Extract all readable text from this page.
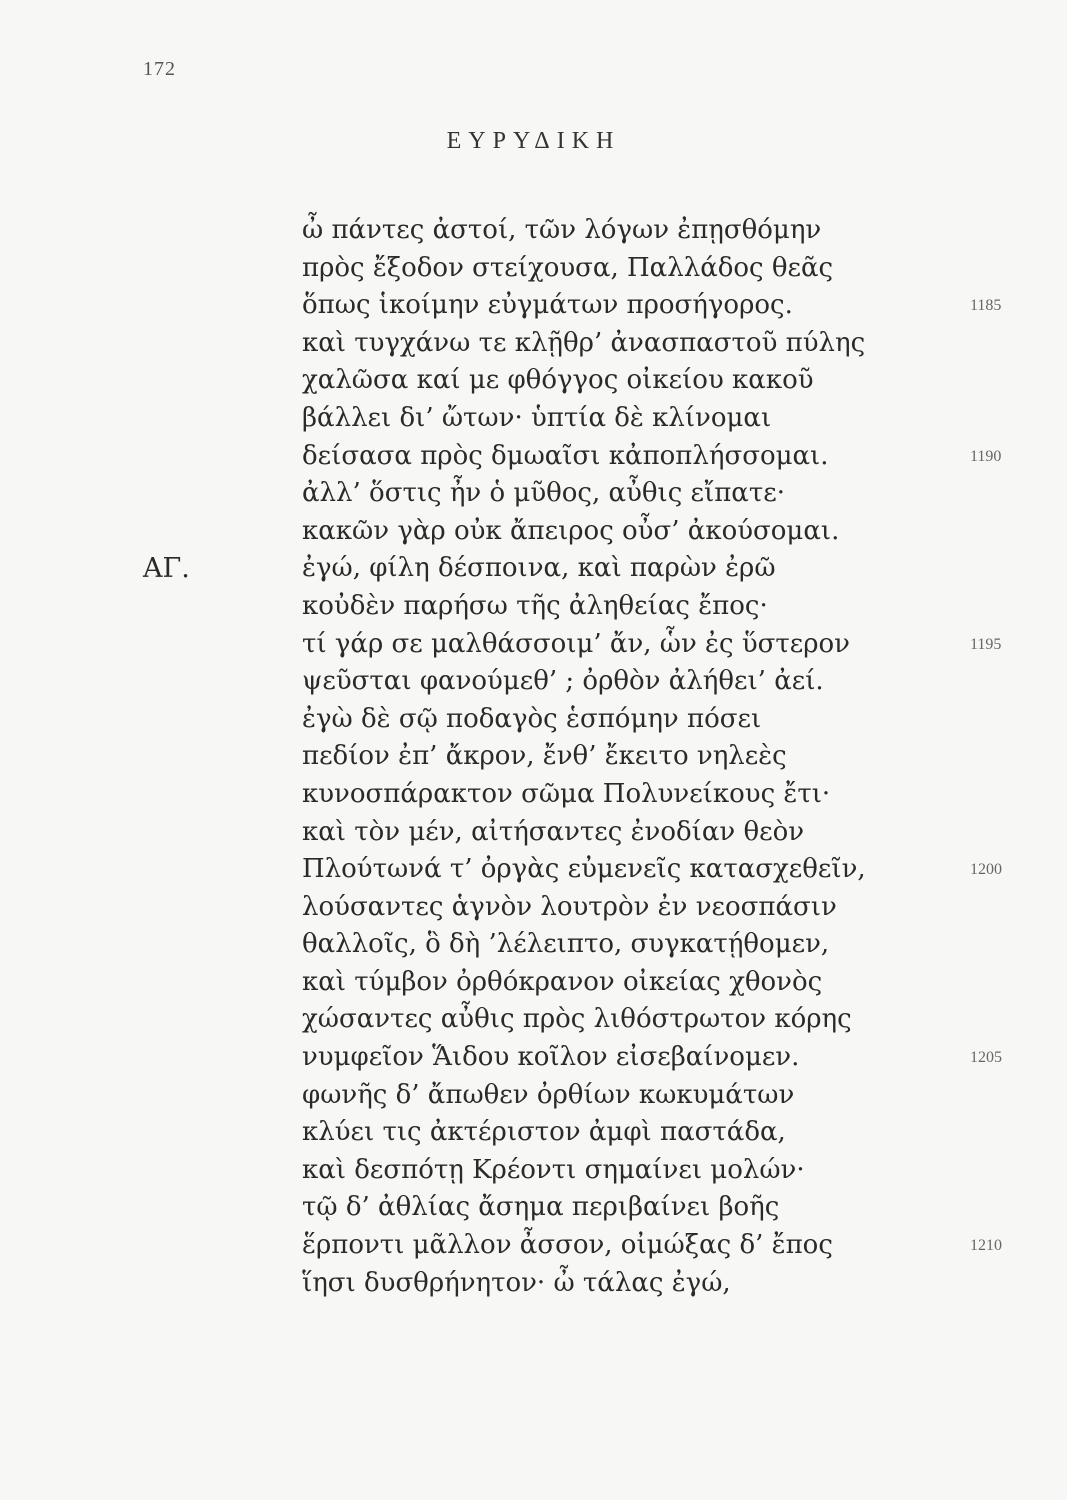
172
ΕΥΡΥΔΙΚΗ
ὦ πάντες ἀστοί, τῶν λόγων ἐπῃσθόμην
πρὸς ἔξοδον στείχουσα, Παλλάδος θεᾶς
ὅπως ἱκοίμην εὐγμάτων προσήγορος.	1185
καὶ τυγχάνω τε κλῇθρ’ ἀνασπαστοῦ πύλης
χαλῶσα καί με φθόγγος οἰκείου κακοῦ
βάλλει δι’ ὤτων· ὑπτία δὲ κλίνομαι
δείσασα πρὸς δμωαῖσι κἀποπλήσσομαι.	1190
ἀλλ’ ὅστις ἦν ὁ μῦθος, αὖθις εἴπατε·
κακῶν γὰρ οὐκ ἄπειρος οὖσ’ ἀκούσομαι.
ΑΓ.	ἐγώ, φίλη δέσποινα, καὶ παρὼν ἐρῶ
κοὐδὲν παρήσω τῆς ἀληθείας ἔπος·
τί γάρ σε μαλθάσσοιμ’ ἄν, ὧν ἐς ὕστερον	1195
ψεῦσται φανούμεθ’ ; ὀρθὸν ἀλήθει’ ἀεί.
ἐγὼ δὲ σῷ ποδαγὸς ἑσπόμην πόσει
πεδίον ἐπ’ ἄκρον, ἔνθ’ ἔκειτο νηλεὲς
κυνοσπάρακτον σῶμα Πολυνείκους ἔτι·
καὶ τὸν μέν, αἰτήσαντες ἐνοδίαν θεὸν
Πλούτωνά τ’ ὀργὰς εὐμενεῖς κατασχεθεῖν,	1200
λούσαντες ἁγνὸν λουτρὸν ἐν νεοσπάσιν
θαλλοῖς, ὃ δὴ ’λέλειπτο, συγκατῄθομεν,
καὶ τύμβον ὀρθόκρανον οἰκείας χθονὸς
χώσαντες αὖθις πρὸς λιθόστρωτον κόρης
νυμφεῖον Ἅιδου κοῖλον εἰσεβαίνομεν.	1205
φωνῆς δ’ ἄπωθεν ὀρθίων κωκυμάτων
κλύει τις ἀκτέριστον ἀμφὶ παστάδα,
καὶ δεσπότῃ Κρέοντι σημαίνει μολών·
τῷ δ’ ἀθλίας ἄσημα περιβαίνει βοῆς
ἕρποντι μᾶλλον ἆσσον, οἰμώξας δ’ ἔπος	1210
ἵησι δυσθρήνητον· ὦ τάλας ἐγώ,
